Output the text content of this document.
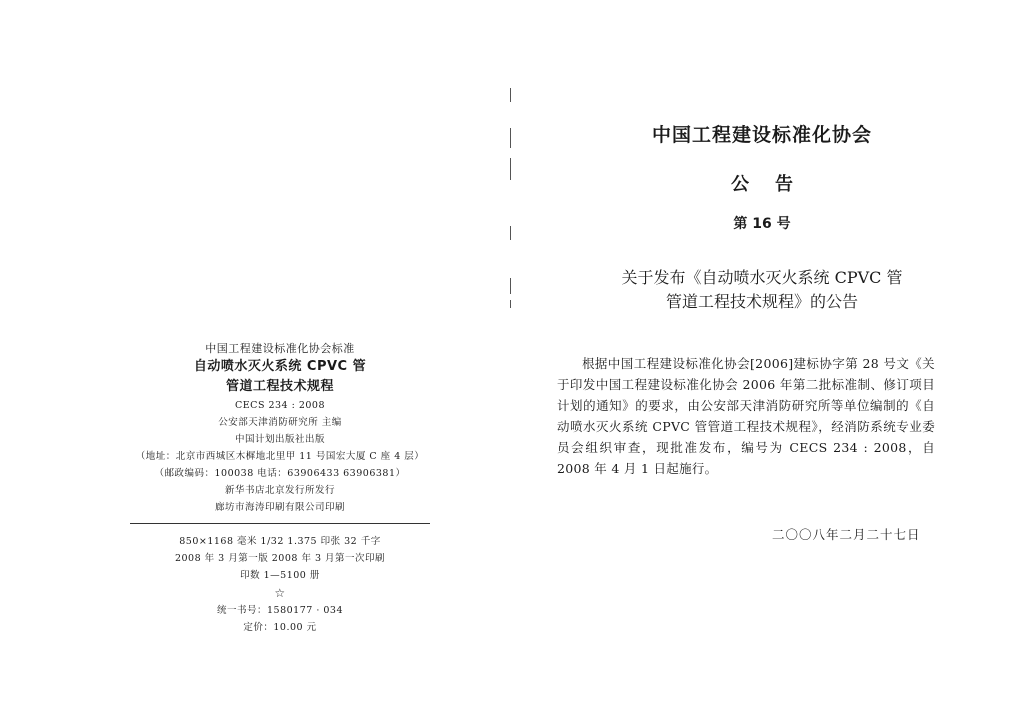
中国工程建设标准化协会标准
自动喷水灭火系统 CPVC 管
管道工程技术规程
CECS 234 : 2008
公安部天津消防研究所 主编
中国计划出版社出版
（地址：北京市西城区木樨地北里甲 11 号国宏大厦 C 座 4 层）
（邮政编码：100038 电话：63906433 63906381）
新华书店北京发行所发行
廊坊市海涛印刷有限公司印刷
850×1168 毫米 1/32 1.375 印张 32 千字
2008 年 3 月第一版 2008 年 3 月第一次印刷
印数 1—5100 册
☆
统一书号：1580177 · 034
定价：10.00 元
中国工程建设标准化协会
公告
第 16 号
关于发布《自动喷水灭火系统 CPVC 管
管道工程技术规程》的公告
根据中国工程建设标准化协会[2006]建标协字第 28 号文《关于印发中国工程建设标准化协会 2006 年第二批标准制、修订项目计划的通知》的要求，由公安部天津消防研究所等单位编制的《自动喷水灭火系统 CPVC 管管道工程技术规程》，经消防系统专业委员会组织审查，现批准发布，编号为 CECS 234 : 2008，自 2008 年 4 月 1 日起施行。
二〇〇八年二月二十七日
